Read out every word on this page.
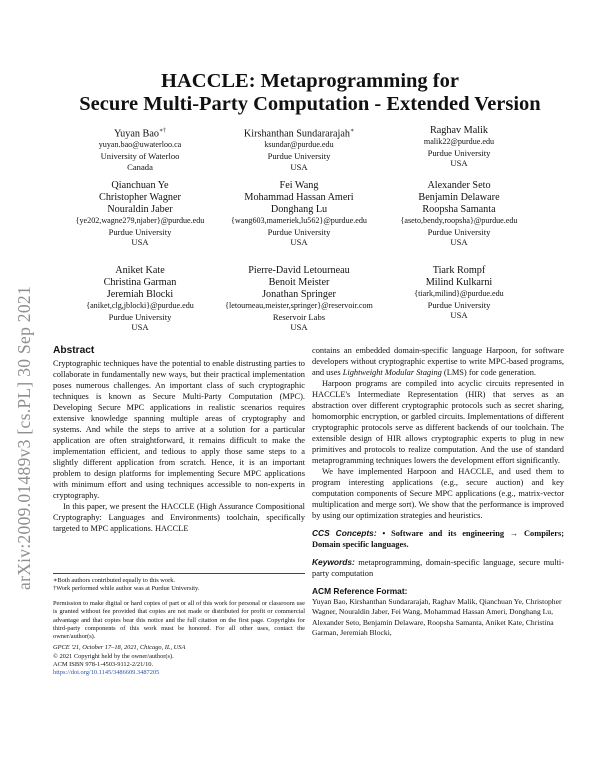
arXiv:2009.01489v3 [cs.PL] 30 Sep 2021
HACCLE: Metaprogramming for
Secure Multi-Party Computation - Extended Version
Yuyan Bao∗†
yuyan.bao@uwaterloo.ca
University of Waterloo
Canada
Kirshanthan Sundararajah∗
ksundar@purdue.edu
Purdue University
USA
Raghav Malik
malik22@purdue.edu
Purdue University
USA
Qianchuan Ye
Christopher Wagner
Nouraldin Jaber
{ye202,wagne279,njaber}@purdue.edu
Purdue University
USA
Fei Wang
Mohammad Hassan Ameri
Donghang Lu
{wang603,mameriek,lu562}@purdue.edu
Purdue University
USA
Alexander Seto
Benjamin Delaware
Roopsha Samanta
{aseto,bendy,roopsha}@purdue.edu
Purdue University
USA
Aniket Kate
Christina Garman
Jeremiah Blocki
{aniket,clg,jblocki}@purdue.edu
Purdue University
USA
Pierre-David Letourneau
Benoit Meister
Jonathan Springer
{letourneau,meister,springer}@reservoir.com
Reservoir Labs
USA
Tiark Rompf
Milind Kulkarni
{tiark,milind}@purdue.edu
Purdue University
USA
Abstract

Cryptographic techniques have the potential to enable distrusting parties to collaborate in fundamentally new ways, but their practical implementation poses numerous challenges. An important class of such cryptographic techniques is known as Secure Multi-Party Computation (MPC). Developing Secure MPC applications in realistic scenarios requires extensive knowledge spanning multiple areas of cryptography and systems. And while the steps to arrive at a solution for a particular application are often straightforward, it remains difficult to make the implementation efficient, and tedious to apply those same steps to a slightly different application from scratch. Hence, it is an important problem to design platforms for implementing Secure MPC applications with minimum effort and using techniques accessible to non-experts in cryptography.

In this paper, we present the HACCLE (High Assurance Compositional Cryptography: Languages and Environments) toolchain, specifically targeted to MPC applications. HACCLE

∗Both authors contributed equally to this work.
†Work performed while author was at Purdue University.
Permission to make digital or hard copies of part or all of this work for personal or classroom use is granted without fee provided that copies are not made or distributed for profit or commercial advantage and that copies bear this notice and the full citation on the first page. Copyrights for third-party components of this work must be honored. For all other uses, contact the owner/author(s).
GPCE '21, October 17–18, 2021, Chicago, IL, USA
© 2021 Copyright held by the owner/author(s).
ACM ISBN 978-1-4503-9112-2/21/10.
https://doi.org/10.1145/3486609.3487205

contains an embedded domain-specific language Harpoon, for software developers without cryptographic expertise to write MPC-based programs, and uses Lightweight Modular Staging (LMS) for code generation.

Harpoon programs are compiled into acyclic circuits represented in HACCLE's Intermediate Representation (HIR) that serves as an abstraction over different cryptographic protocols such as secret sharing, homomorphic encryption, or garbled circuits. Implementations of different cryptographic protocols serve as different backends of our toolchain. The extensible design of HIR allows cryptographic experts to plug in new primitives and protocols to realize computation. And the use of standard metaprogramming techniques lowers the development effort significantly.

We have implemented Harpoon and HACCLE, and used them to program interesting applications (e.g., secure auction) and key computation components of Secure MPC applications (e.g., matrix-vector multiplication and merge sort). We show that the performance is improved by using our optimization strategies and heuristics.

CCS Concepts: • Software and its engineering → Compilers; Domain specific languages.
Keywords: metaprogramming, domain-specific language, secure multi-party computation
ACM Reference Format:
Yuyan Bao, Kirshanthan Sundararajah, Raghav Malik, Qianchuan Ye, Christopher Wagner, Nouraldin Jaber, Fei Wang, Mohammad Hassan Ameri, Donghang Lu, Alexander Seto, Benjamin Delaware, Roopsha Samanta, Aniket Kate, Christina Garman, Jeremiah Blocki,
